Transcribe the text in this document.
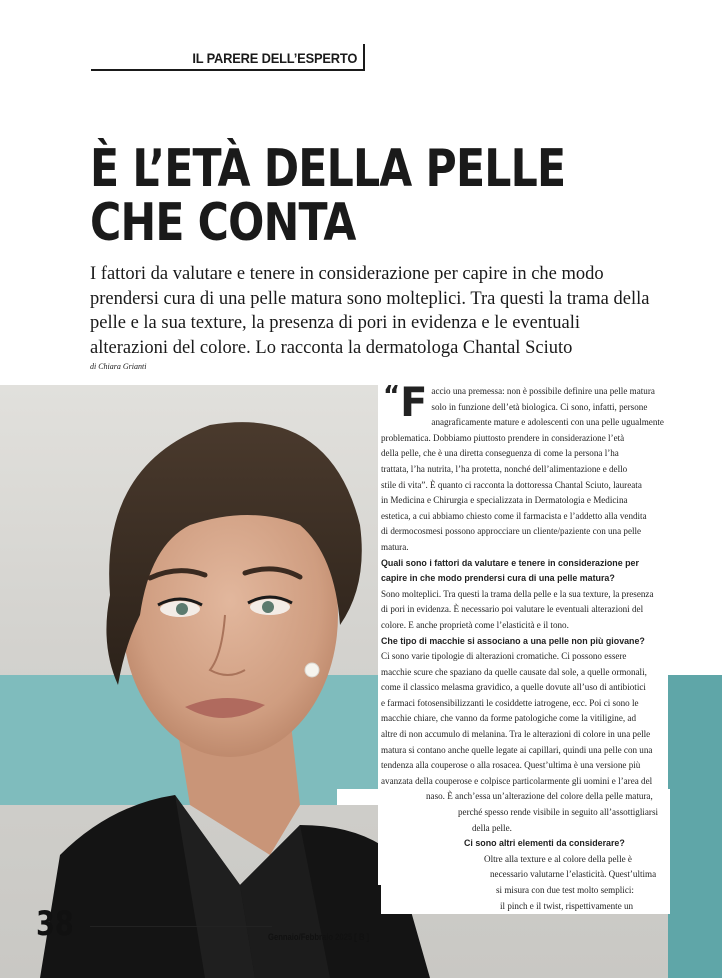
IL PARERE DELL’ESPERTO
È L’ETÀ DELLA PELLE
CHE CONTA

I fattori da valutare e tenere in considerazione per capire in che modo prendersi cura di una pelle matura sono molteplici. Tra questi la trama della pelle e la sua texture, la presenza di pori in evidenza e le eventuali alterazioni del colore. Lo racconta la dermatologa Chantal Sciuto

di Chiara Grianti
“F accio una premessa: non è possibile definire una pelle matura
solo in funzione dell’età biologica. Ci sono, infatti, persone
anagraficamente mature e adolescenti con una pelle ugualmente
problematica. Dobbiamo piuttosto prendere in considerazione l’età
della pelle, che è una diretta conseguenza di come la persona l’ha
trattata, l’ha nutrita, l’ha protetta, nonché dell’alimentazione e dello
stile di vita”. È quanto ci racconta la dottoressa Chantal Sciuto, laureata
in Medicina e Chirurgia e specializzata in Dermatologia e Medicina
estetica, a cui abbiamo chiesto come il farmacista e l’addetto alla vendita
di dermocosmesi possono approcciare un cliente/paziente con una pelle
matura.
Quali sono i fattori da valutare e tenere in considerazione per
capire in che modo prendersi cura di una pelle matura?
Sono molteplici. Tra questi la trama della pelle e la sua texture, la presenza
di pori in evidenza. È necessario poi valutare le eventuali alterazioni del
colore. E anche proprietà come l’elasticità e il tono.
Che tipo di macchie si associano a una pelle non più giovane?
Ci sono varie tipologie di alterazioni cromatiche. Ci possono essere
macchie scure che spaziano da quelle causate dal sole, a quelle ormonali,
come il classico melasma gravidico, a quelle dovute all’uso di antibiotici
e farmaci fotosensibilizzanti le cosiddette iatrogene, ecc. Poi ci sono le
macchie chiare, che vanno da forme patologiche come la vitiligine, ad
altre di non accumulo di melanina. Tra le alterazioni di colore in una pelle
matura si contano anche quelle legate ai capillari, quindi una pelle con una
tendenza alla couperose o alla rosacea. Quest’ultima è una versione più
avanzata della couperose e colpisce particolarmente gli uomini e l’area del
naso. È anch’essa un’alterazione del colore della pelle matura,
perché spesso rende visibile in seguito all’assottigliarsi
della pelle.
Ci sono altri elementi da considerare?
Oltre alla texture e al colore della pelle è
necessario valutarne l’elasticità. Quest’ultima
si misura con due test molto semplici:
il pinch e il twist, rispettivamente un
38	Gennaio/Febbraio 2025 [ B ]
